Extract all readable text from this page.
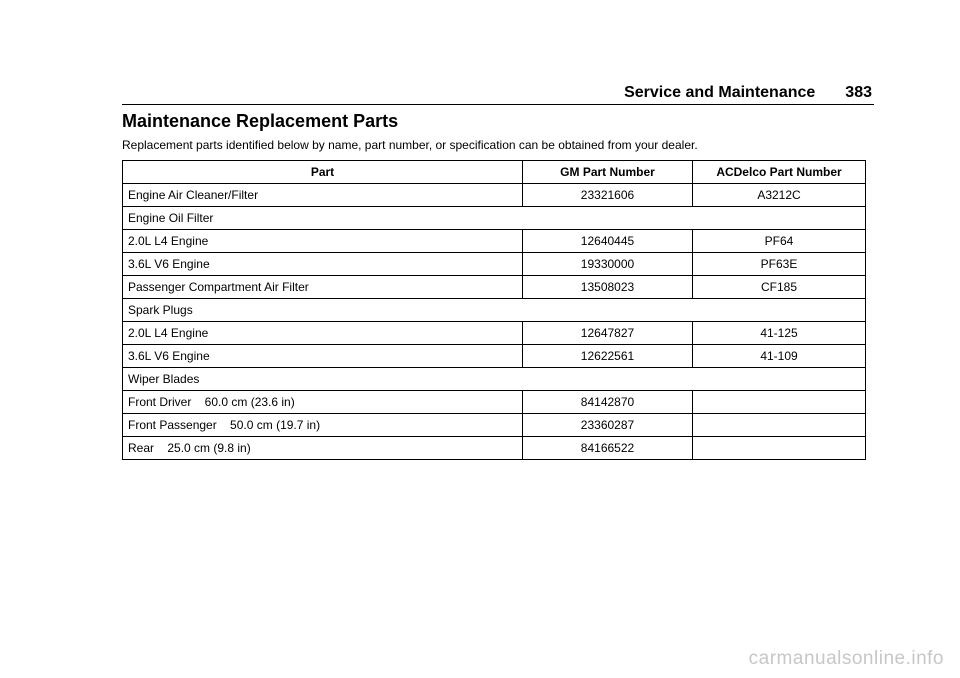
Service and Maintenance 383
Maintenance Replacement Parts
Replacement parts identified below by name, part number, or specification can be obtained from your dealer.
Part	GM Part Number	ACDelco Part Number
Engine Air Cleaner/Filter	23321606	A3212C
Engine Oil Filter		
2.0L L4 Engine	12640445	PF64
3.6L V6 Engine	19330000	PF63E
Passenger Compartment Air Filter	13508023	CF185
Spark Plugs		
2.0L L4 Engine	12647827	41-125
3.6L V6 Engine	12622561	41-109
Wiper Blades		
Front Driver    60.0 cm (23.6 in)	84142870	
Front Passenger    50.0 cm (19.7 in)	23360287	
Rear    25.0 cm (9.8 in)	84166522	
carmanualsonline.info
